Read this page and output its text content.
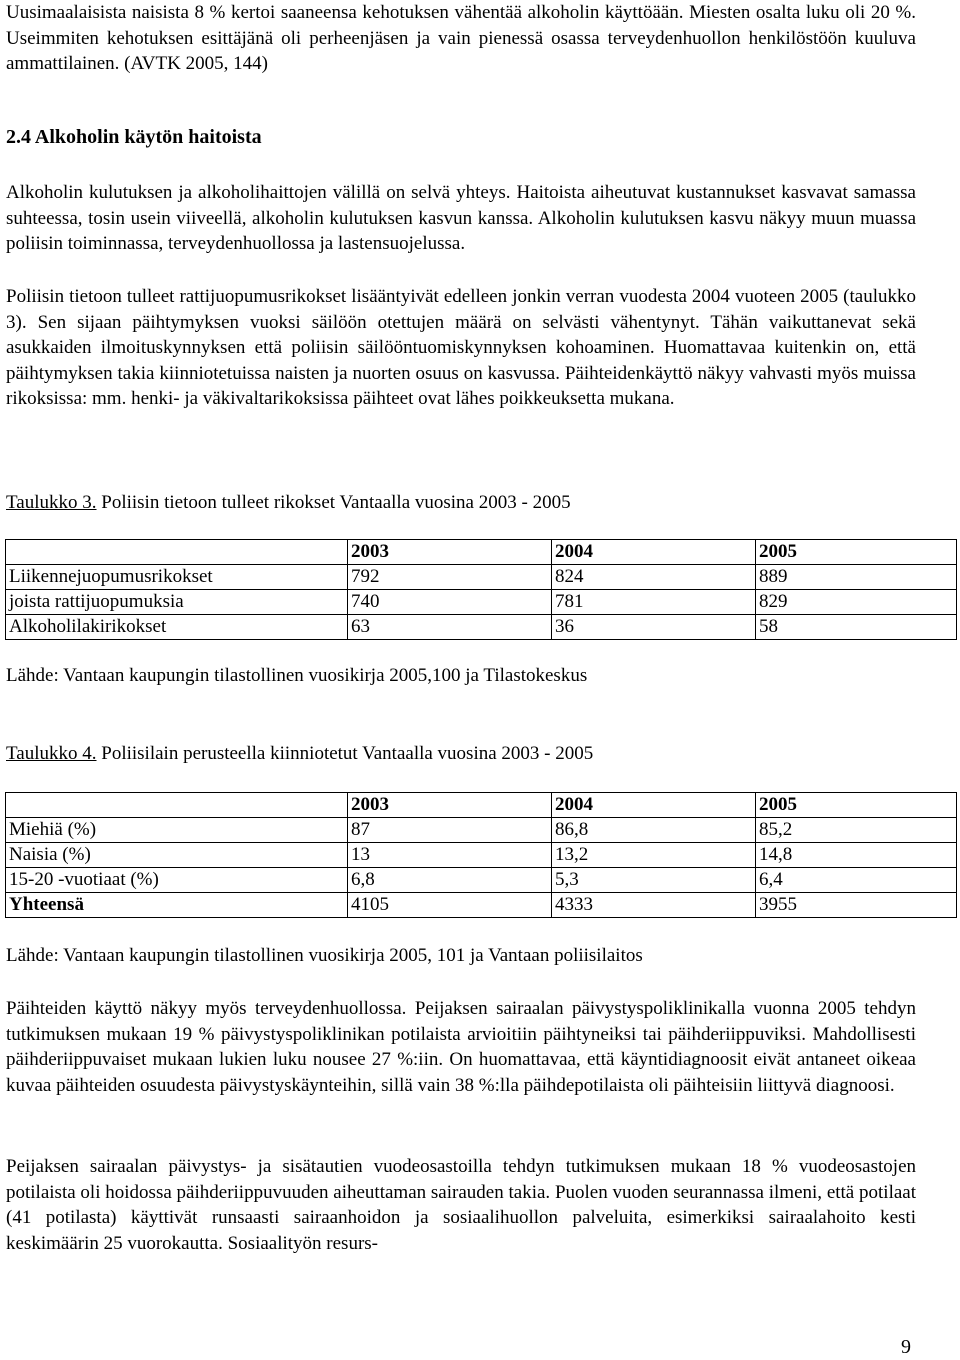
Uusimaalaisista naisista 8 % kertoi saaneensa kehotuksen vähentää alkoholin käyttöään. Miesten osalta luku oli 20 %. Useimmiten kehotuksen esittäjänä oli perheenjäsen ja vain pienessä osassa terveydenhuollon henkilöstöön kuuluva ammattilainen. (AVTK 2005, 144)

2.4 Alkoholin käytön haitoista

Alkoholin kulutuksen ja alkoholihaittojen välillä on selvä yhteys. Haitoista aiheutuvat kustannukset kasvavat samassa suhteessa, tosin usein viiveellä, alkoholin kulutuksen kasvun kanssa. Alkoholin kulutuksen kasvu näkyy muun muassa poliisin toiminnassa, terveydenhuollossa ja lastensuojelussa.

Poliisin tietoon tulleet rattijuopumusrikokset lisääntyivät edelleen jonkin verran vuodesta 2004 vuoteen 2005 (taulukko 3). Sen sijaan päihtymyksen vuoksi säilöön otettujen määrä on selvästi vähentynyt. Tähän vaikuttanevat sekä asukkaiden ilmoituskynnyksen että poliisin säilööntuomiskynnyksen kohoaminen. Huomattavaa kuitenkin on, että päihtymyksen takia kiinniotetuissa naisten ja nuorten osuus on kasvussa. Päihteidenkäyttö näkyy vahvasti myös muissa rikoksissa: mm. henki- ja väkivaltarikoksissa päihteet ovat lähes poikkeuksetta mukana.

Taulukko 3. Poliisin tietoon tulleet rikokset Vantaalla vuosina 2003 - 2005
	2003	2004	2005
Liikennejuopumusrikokset	792	824	889
joista rattijuopumuksia	740	781	829
Alkoholilakirikokset	63	36	58
Lähde: Vantaan kaupungin tilastollinen vuosikirja 2005,100 ja Tilastokeskus
Taulukko 4. Poliisilain perusteella kiinniotetut Vantaalla vuosina 2003 - 2005
	2003	2004	2005
Miehiä (%)	87	86,8	85,2
Naisia (%)	13	13,2	14,8
15-20 -vuotiaat (%)	6,8	5,3	6,4
Yhteensä	4105	4333	3955
Lähde: Vantaan kaupungin tilastollinen vuosikirja 2005, 101 ja Vantaan poliisilaitos

Päihteiden käyttö näkyy myös terveydenhuollossa. Peijaksen sairaalan päivystyspoliklinikalla vuonna 2005 tehdyn tutkimuksen mukaan 19 % päivystyspoliklinikan potilaista arvioitiin päihtyneiksi tai päihderiippuviksi. Mahdollisesti päihderiippuvaiset mukaan lukien luku nousee 27 %:iin. On huomattavaa, että käyntidiagnoosit eivät antaneet oikeaa kuvaa päihteiden osuudesta päivystyskäynteihin, sillä vain 38 %:lla päihdepotilaista oli päihteisiin liittyvä diagnoosi.

Peijaksen sairaalan päivystys- ja sisätautien vuodeosastoilla tehdyn tutkimuksen mukaan 18 % vuodeosastojen potilaista oli hoidossa päihderiippuvuuden aiheuttaman sairauden takia. Puolen vuoden seurannassa ilmeni, että potilaat (41 potilasta) käyttivät runsaasti sairaanhoidon ja sosiaalihuollon palveluita, esimerkiksi sairaalahoito kesti keskimäärin 25 vuorokautta. Sosiaalityön resurs-

9
